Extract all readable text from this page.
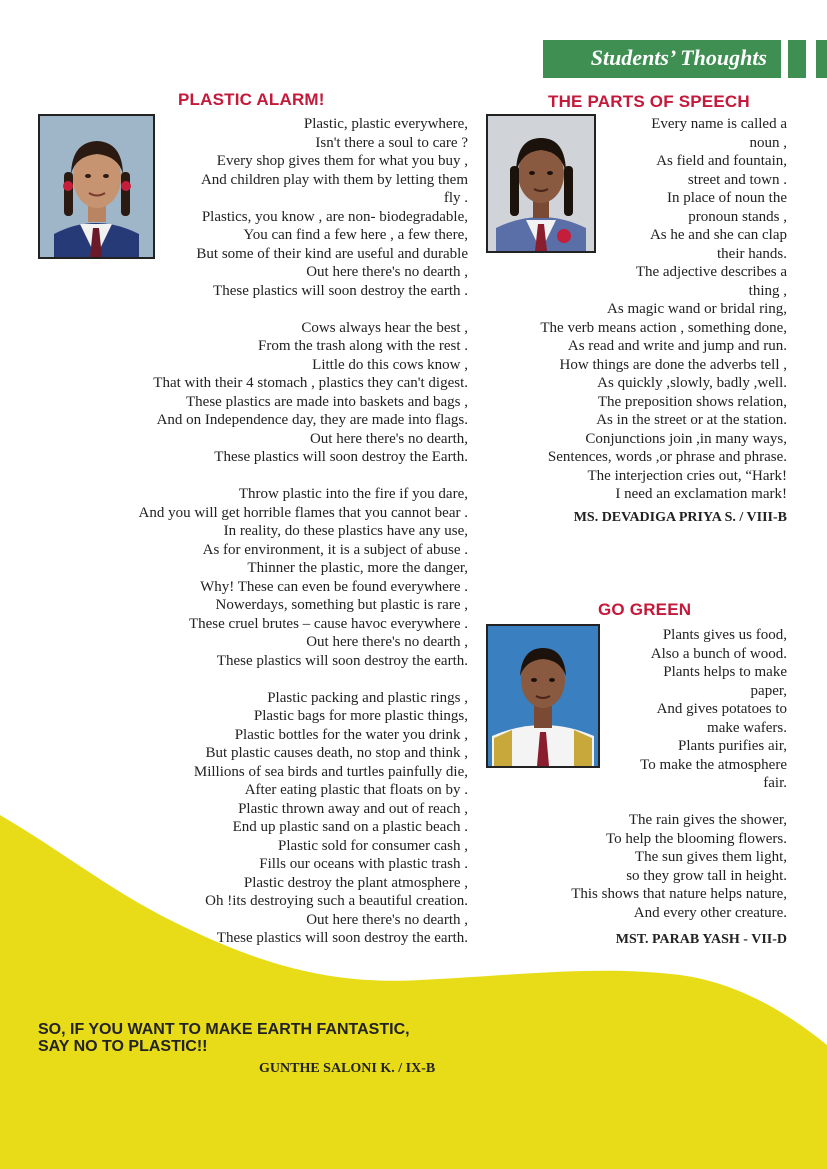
Students’ Thoughts
PLASTIC ALARM!
Plastic, plastic everywhere,
Isn't there a soul to care ?
Every shop gives them for what you buy ,
And children play with them by letting them
fly .
Plastics, you know , are non- biodegradable,
You can find a few here , a few there,
But some of their kind are useful and durable
Out here there's no dearth ,
These plastics will soon destroy the earth .
Cows always hear the best ,
From the trash along with the rest .
Little do this cows know ,
That with their 4 stomach , plastics they can't digest.
These plastics are made into baskets and bags ,
And on Independence day, they are made into flags.
Out here there's no dearth,
These plastics will soon destroy the Earth.
Throw plastic into the fire if you dare,
And you will get horrible flames that you cannot bear .
In reality, do these plastics have any use,
As for environment, it is a subject of abuse .
Thinner the plastic, more the danger,
Why! These can even be found everywhere .
Nowerdays, something but plastic is rare ,
These cruel brutes – cause havoc everywhere .
Out here there's no dearth ,
These plastics will soon destroy the earth.
Plastic packing and plastic rings ,
Plastic bags for more plastic things,
Plastic bottles for the water you drink ,
But plastic causes death, no stop and think ,
Millions of sea birds and turtles painfully die,
After eating plastic that floats on by .
Plastic thrown away and out of reach ,
End up plastic sand on a plastic beach .
Plastic sold for consumer cash ,
Fills our oceans with plastic trash .
Plastic destroy the plant atmosphere ,
Oh !its destroying such a beautiful creation.
Out here there's no dearth ,
These plastics will soon destroy the earth.
SO, IF YOU WANT TO MAKE EARTH FANTASTIC,
SAY NO TO PLASTIC!!
GUNTHE SALONI K. / IX-B
THE PARTS OF SPEECH
Every name is called a
noun ,
As field and fountain,
street and town .
In place of noun the
pronoun stands ,
As he and she can clap
their hands.
The adjective describes a
thing ,
As magic wand or bridal ring,
The verb means action , something done,
As read and write and jump and run.
How things are done the adverbs tell ,
As quickly ,slowly, badly ,well.
The preposition shows relation,
As in the street or at the station.
Conjunctions join ,in many ways,
Sentences, words ,or phrase and phrase.
The interjection cries out, “Hark!
I need an exclamation mark!
MS. DEVADIGA PRIYA S. / VIII-B
GO GREEN
Plants gives us food,
Also a bunch of wood.
Plants helps to make
paper,
And gives potatoes to
make wafers.
Plants purifies air,
To make the atmosphere
fair.
The rain gives the shower,
To help the blooming flowers.
The sun gives them light,
so they grow tall in height.
This shows that nature helps nature,
And every other creature.
MST. PARAB YASH - VII-D
